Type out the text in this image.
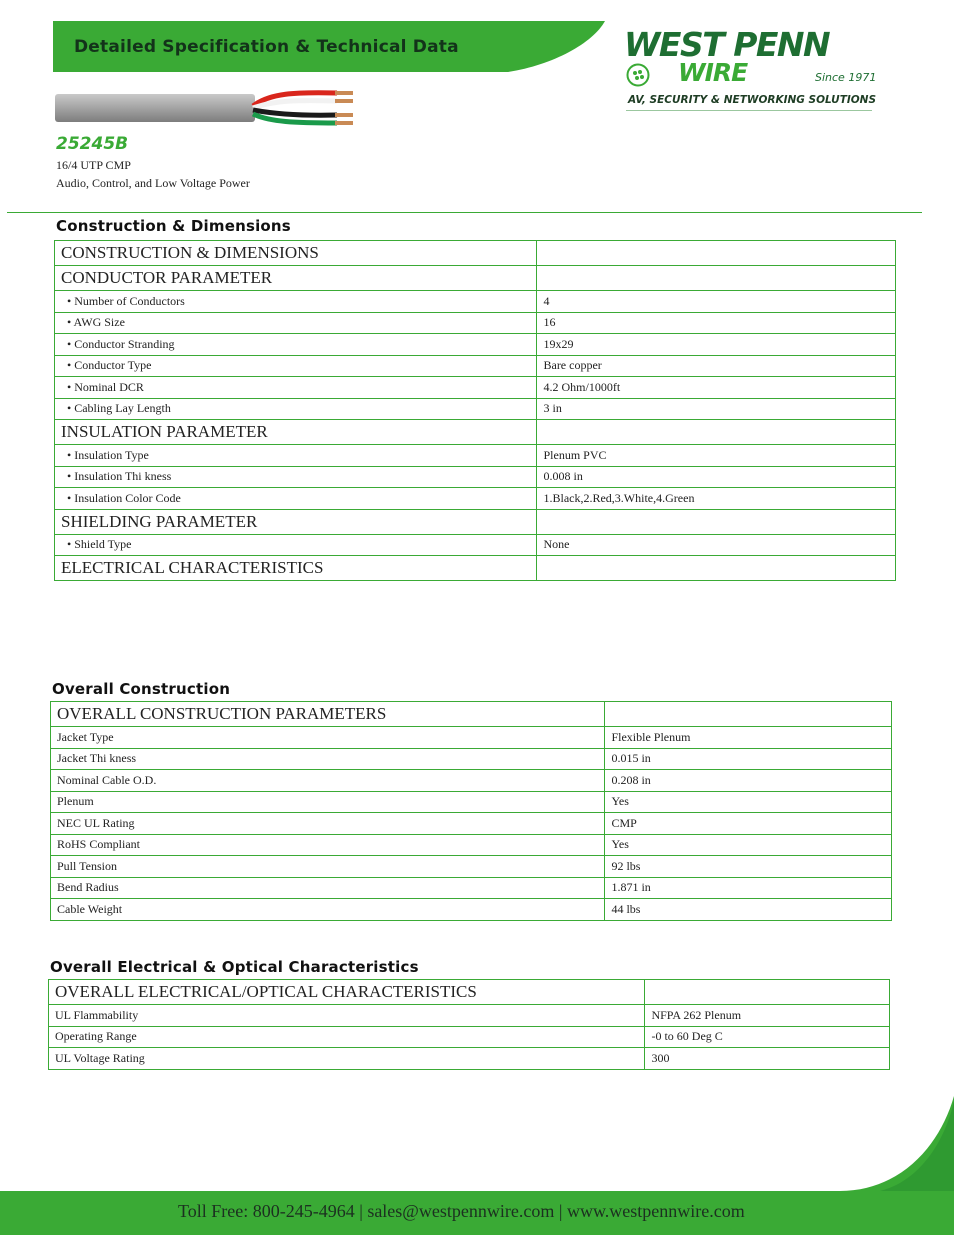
Detailed Specification & Technical Data
25245B
16/4 UTP CMP
Audio, Control, and Low Voltage Power
WEST PENN
WIRE	Since 1971
AV, SECURITY & NETWORKING SOLUTIONS
Construction & Dimensions
CONSTRUCTION & DIMENSIONS	
CONDUCTOR PARAMETER	
• Number of Conductors	4
• AWG Size	16
• Conductor Stranding	19x29
• Conductor Type	Bare copper
• Nominal DCR	4.2 Ohm/1000ft
• Cabling Lay Length	3 in
INSULATION PARAMETER	
• Insulation Type	Plenum PVC
• Insulation Thi kness	0.008 in
• Insulation Color Code	1.Black,2.Red,3.White,4.Green
SHIELDING PARAMETER	
• Shield Type	None
ELECTRICAL CHARACTERISTICS	
Overall Construction
OVERALL CONSTRUCTION PARAMETERS	
Jacket Type	Flexible Plenum
Jacket Thi kness	0.015 in
Nominal Cable O.D.	0.208 in
Plenum	Yes
NEC UL Rating	CMP
RoHS Compliant	Yes
Pull Tension	92 lbs
Bend Radius	1.871 in
Cable Weight	44 lbs
Overall Electrical & Optical Characteristics
OVERALL ELECTRICAL/OPTICAL CHARACTERISTICS	
UL Flammability	NFPA 262 Plenum
Operating Range	-0 to 60 Deg C
UL Voltage Rating	300
Toll Free: 800-245-4964 | sales@westpennwire.com | www.westpennwire.com
